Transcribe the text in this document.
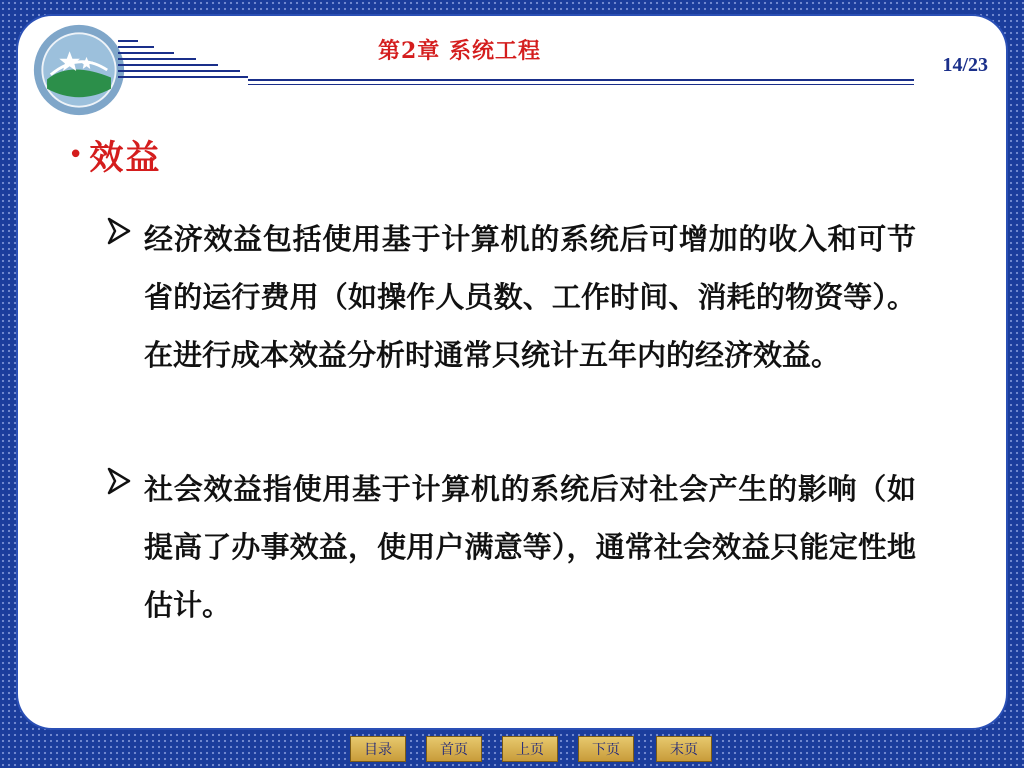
第2章 系统工程
14/23
• 效益
经济效益包括使用基于计算机的系统后可增加的收入和可节省的运行费用（如操作人员数、工作时间、消耗的物资等）。在进行成本效益分析时通常只统计五年内的经济效益。
社会效益指使用基于计算机的系统后对社会产生的影响（如提高了办事效益，使用户满意等），通常社会效益只能定性地估计。
目录	首页	上页	下页	末页
